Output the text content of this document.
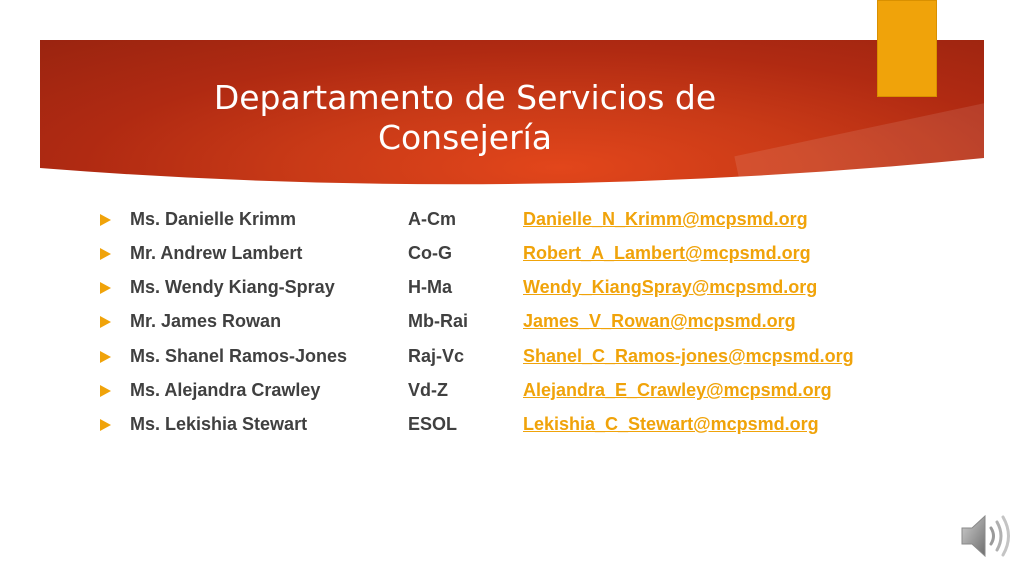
Departamento de Servicios de Consejería
Ms. Danielle Krimm	A-Cm	Danielle_N_Krimm@mcpsmd.org
Mr. Andrew Lambert	Co-G	Robert_A_Lambert@mcpsmd.org
Ms. Wendy Kiang-Spray	H-Ma	Wendy_KiangSpray@mcpsmd.org
Mr. James Rowan	Mb-Rai	James_V_Rowan@mcpsmd.org
Ms. Shanel Ramos-Jones	Raj-Vc	Shanel_C_Ramos-jones@mcpsmd.org
Ms. Alejandra Crawley	Vd-Z	Alejandra_E_Crawley@mcpsmd.org
Ms. Lekishia Stewart	ESOL	Lekishia_C_Stewart@mcpsmd.org
